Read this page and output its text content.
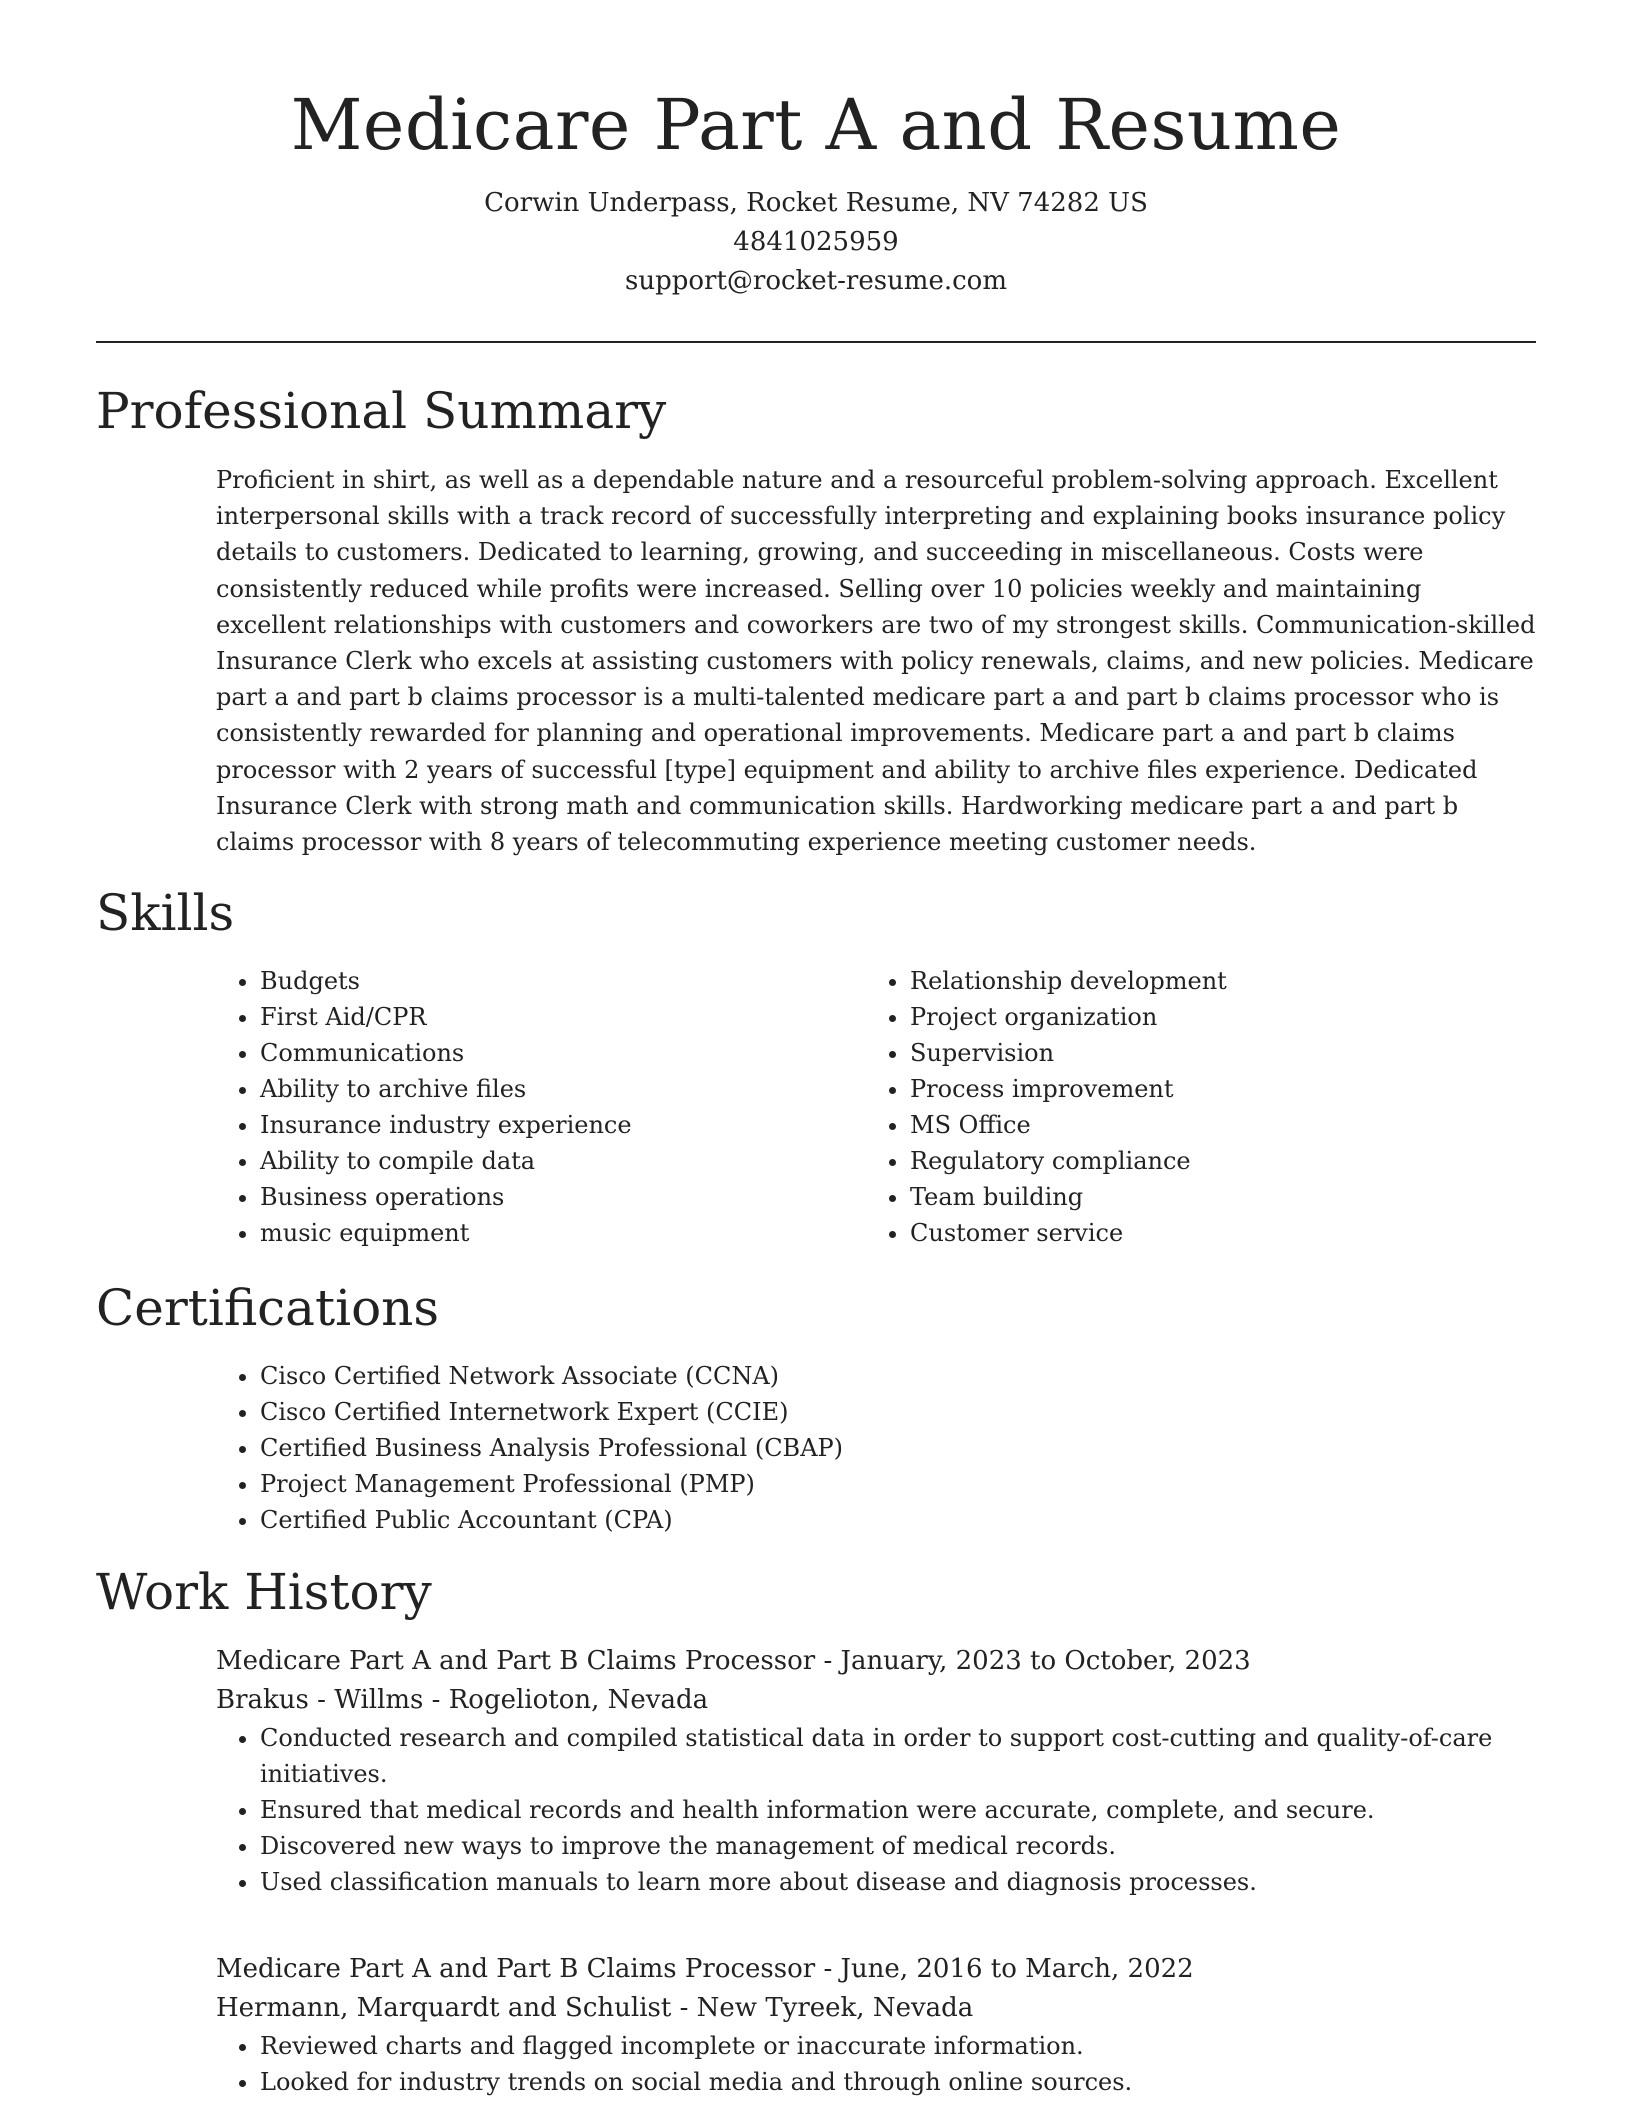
Medicare Part A and Resume
Corwin Underpass, Rocket Resume, NV 74282 US
4841025959
support@rocket-resume.com
Professional Summary

Proficient in shirt, as well as a dependable nature and a resourceful problem-solving approach. Excellent interpersonal skills with a track record of successfully interpreting and explaining books insurance policy details to customers. Dedicated to learning, growing, and succeeding in miscellaneous. Costs were consistently reduced while profits were increased. Selling over 10 policies weekly and maintaining excellent relationships with customers and coworkers are two of my strongest skills. Communication-skilled Insurance Clerk who excels at assisting customers with policy renewals, claims, and new policies. Medicare part a and part b claims processor is a multi-talented medicare part a and part b claims processor who is consistently rewarded for planning and operational improvements. Medicare part a and part b claims processor with 2 years of successful [type] equipment and ability to archive files experience. Dedicated Insurance Clerk with strong math and communication skills. Hardworking medicare part a and part b claims processor with 8 years of telecommuting experience meeting customer needs.

Skills
• Budgets
• First Aid/CPR
• Communications
• Ability to archive files
• Insurance industry experience
• Ability to compile data
• Business operations
• music equipment
• Relationship development
• Project organization
• Supervision
• Process improvement
• MS Office
• Regulatory compliance
• Team building
• Customer service
Certifications
• Cisco Certified Network Associate (CCNA)
• Cisco Certified Internetwork Expert (CCIE)
• Certified Business Analysis Professional (CBAP)
• Project Management Professional (PMP)
• Certified Public Accountant (CPA)
Work History
Medicare Part A and Part B Claims Processor - January, 2023 to October, 2023
Brakus - Willms - Rogelioton, Nevada
• Conducted research and compiled statistical data in order to support cost-cutting and quality-of-care initiatives.
• Ensured that medical records and health information were accurate, complete, and secure.
• Discovered new ways to improve the management of medical records.
• Used classification manuals to learn more about disease and diagnosis processes.
Medicare Part A and Part B Claims Processor - June, 2016 to March, 2022
Hermann, Marquardt and Schulist - New Tyreek, Nevada
• Reviewed charts and flagged incomplete or inaccurate information.
• Looked for industry trends on social media and through online sources.
